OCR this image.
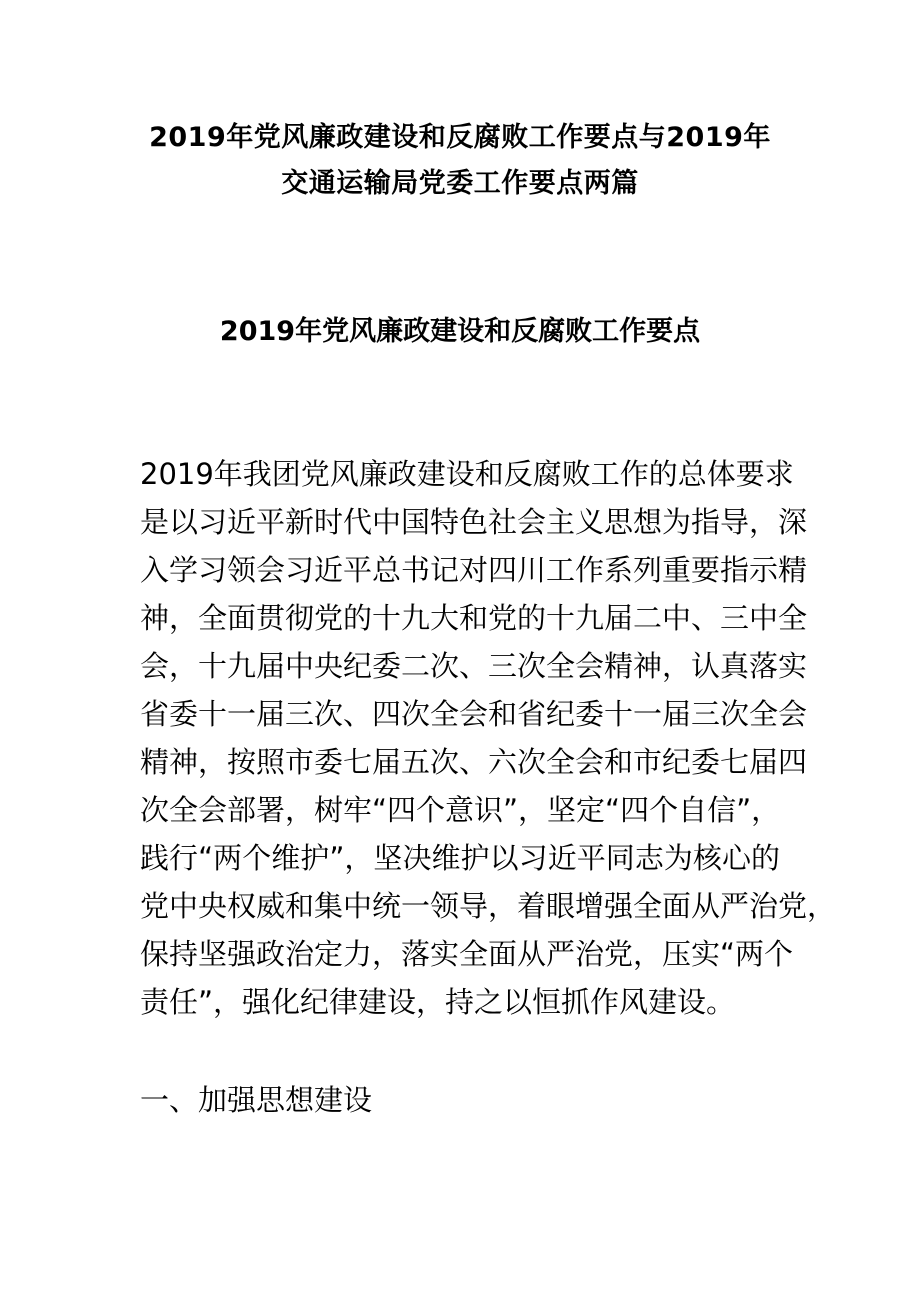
2019年党风廉政建设和反腐败工作要点与2019年
交通运输局党委工作要点两篇
2019年党风廉政建设和反腐败工作要点
2019年我团党风廉政建设和反腐败工作的总体要求
是以习近平新时代中国特色社会主义思想为指导，深
入学习领会习近平总书记对四川工作系列重要指示精
神，全面贯彻党的十九大和党的十九届二中、三中全
会，十九届中央纪委二次、三次全会精神，认真落实
省委十一届三次、四次全会和省纪委十一届三次全会
精神，按照市委七届五次、六次全会和市纪委七届四
次全会部署，树牢“四个意识”，坚定“四个自信”，
践行“两个维护”，坚决维护以习近平同志为核心的
党中央权威和集中统一领导，着眼增强全面从严治党，
保持坚强政治定力，落实全面从严治党，压实“两个
责任”，强化纪律建设，持之以恒抓作风建设。
一、加强思想建设
